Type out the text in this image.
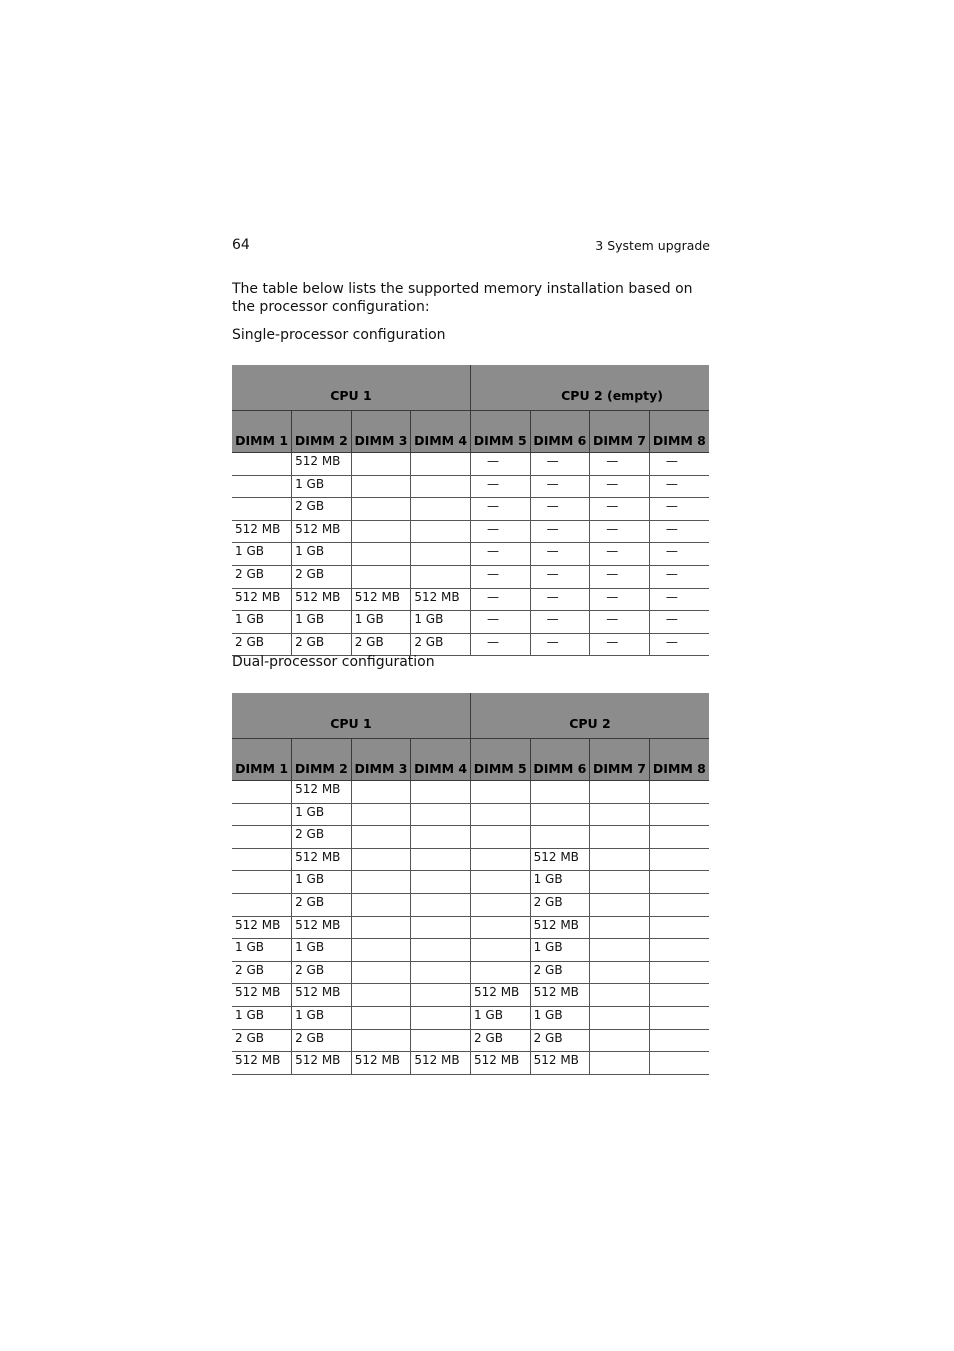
64	3 System upgrade

The table below lists the supported memory installation based on the processor configuration:

Single-processor configuration

CPU 1				CPU 2 (empty)			
DIMM 1	DIMM 2	DIMM 3	DIMM 4	DIMM 5	DIMM 6	DIMM 7	DIMM 8
	512 MB			—	—	—	—
	1 GB			—	—	—	—
	2 GB			—	—	—	—
512 MB	512 MB			—	—	—	—
1 GB	1 GB			—	—	—	—
2 GB	2 GB			—	—	—	—
512 MB	512 MB	512 MB	512 MB	—	—	—	—
1 GB	1 GB	1 GB	1 GB	—	—	—	—
2 GB	2 GB	2 GB	2 GB	—	—	—	—

Dual-processor configuration

CPU 1				CPU 2			
DIMM 1	DIMM 2	DIMM 3	DIMM 4	DIMM 5	DIMM 6	DIMM 7	DIMM 8
	512 MB						
	1 GB						
	2 GB						
	512 MB				512 MB		
	1 GB				1 GB		
	2 GB				2 GB		
512 MB	512 MB				512 MB		
1 GB	1 GB				1 GB		
2 GB	2 GB				2 GB		
512 MB	512 MB			512 MB	512 MB		
1 GB	1 GB			1 GB	1 GB		
2 GB	2 GB			2 GB	2 GB		
512 MB	512 MB	512 MB	512 MB	512 MB	512 MB		
